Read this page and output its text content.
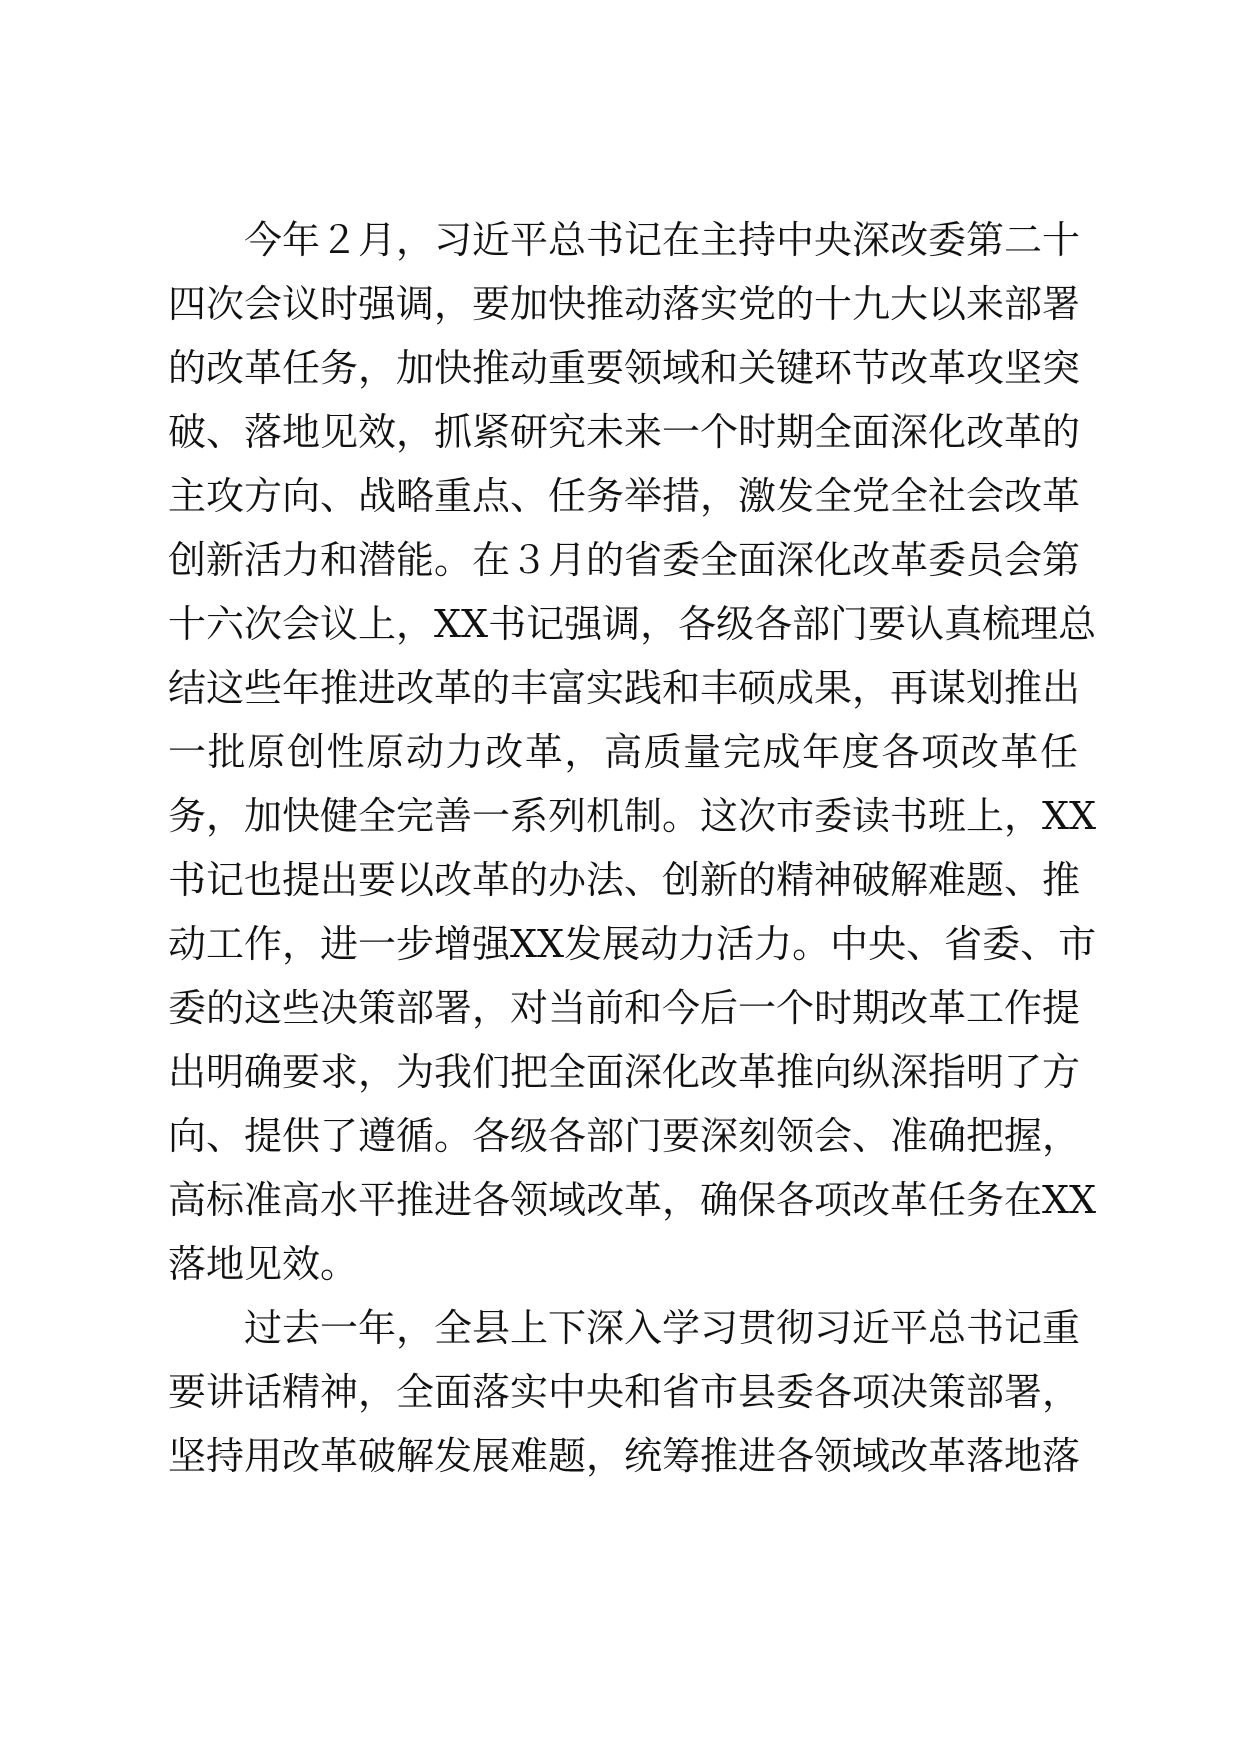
今年２月，习近平总书记在主持中央深改委第二十
四次会议时强调，要加快推动落实党的十九大以来部署
的改革任务，加快推动重要领域和关键环节改革攻坚突
破、落地见效，抓紧研究未来一个时期全面深化改革的
主攻方向、战略重点、任务举措，激发全党全社会改革
创新活力和潜能。在３月的省委全面深化改革委员会第
十六次会议上，XX书记强调，各级各部门要认真梳理总
结这些年推进改革的丰富实践和丰硕成果，再谋划推出
一批原创性原动力改革，高质量完成年度各项改革任
务，加快健全完善一系列机制。这次市委读书班上，XX
书记也提出要以改革的办法、创新的精神破解难题、推
动工作，进一步增强XX发展动力活力。中央、省委、市
委的这些决策部署，对当前和今后一个时期改革工作提
出明确要求，为我们把全面深化改革推向纵深指明了方
向、提供了遵循。各级各部门要深刻领会、准确把握，
高标准高水平推进各领域改革，确保各项改革任务在XX
落地见效。
过去一年，全县上下深入学习贯彻习近平总书记重
要讲话精神，全面落实中央和省市县委各项决策部署，
坚持用改革破解发展难题，统筹推进各领域改革落地落
